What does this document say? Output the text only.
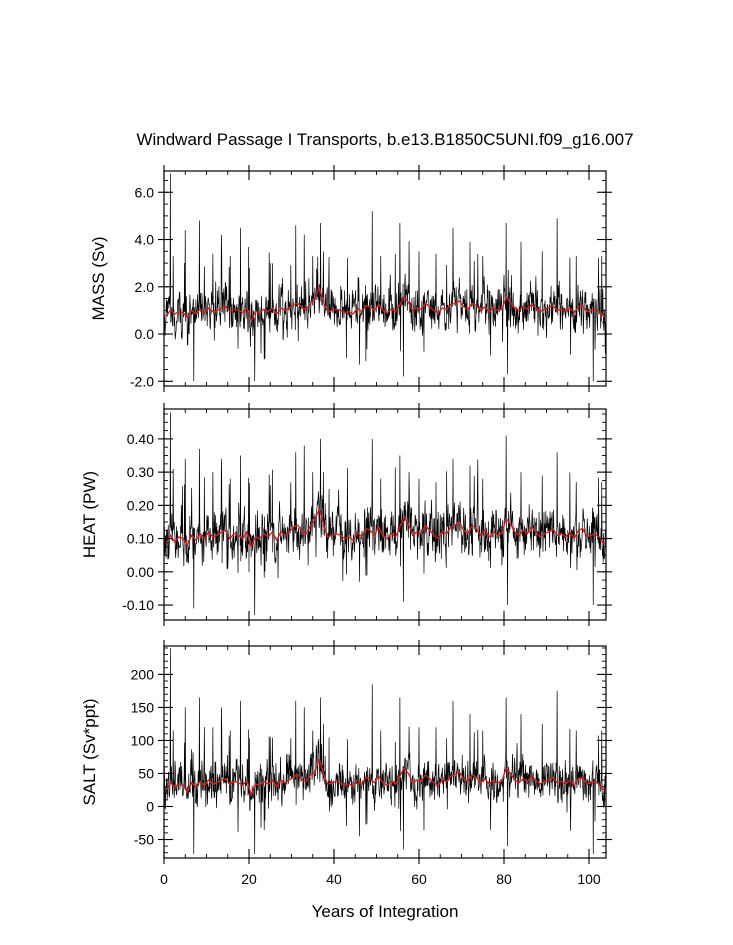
Windward Passage I Transports, b.e13.B1850C5UNI.f09_g16.007
Years of Integration
-2.0
0.0
2.0
4.0
6.0
MASS (Sv)
-0.10
0.00
0.10
0.20
0.30
0.40
HEAT (PW)
-50
0
50
100
150
200
0	20	40	60	80	100
SALT (Sv*ppt)
